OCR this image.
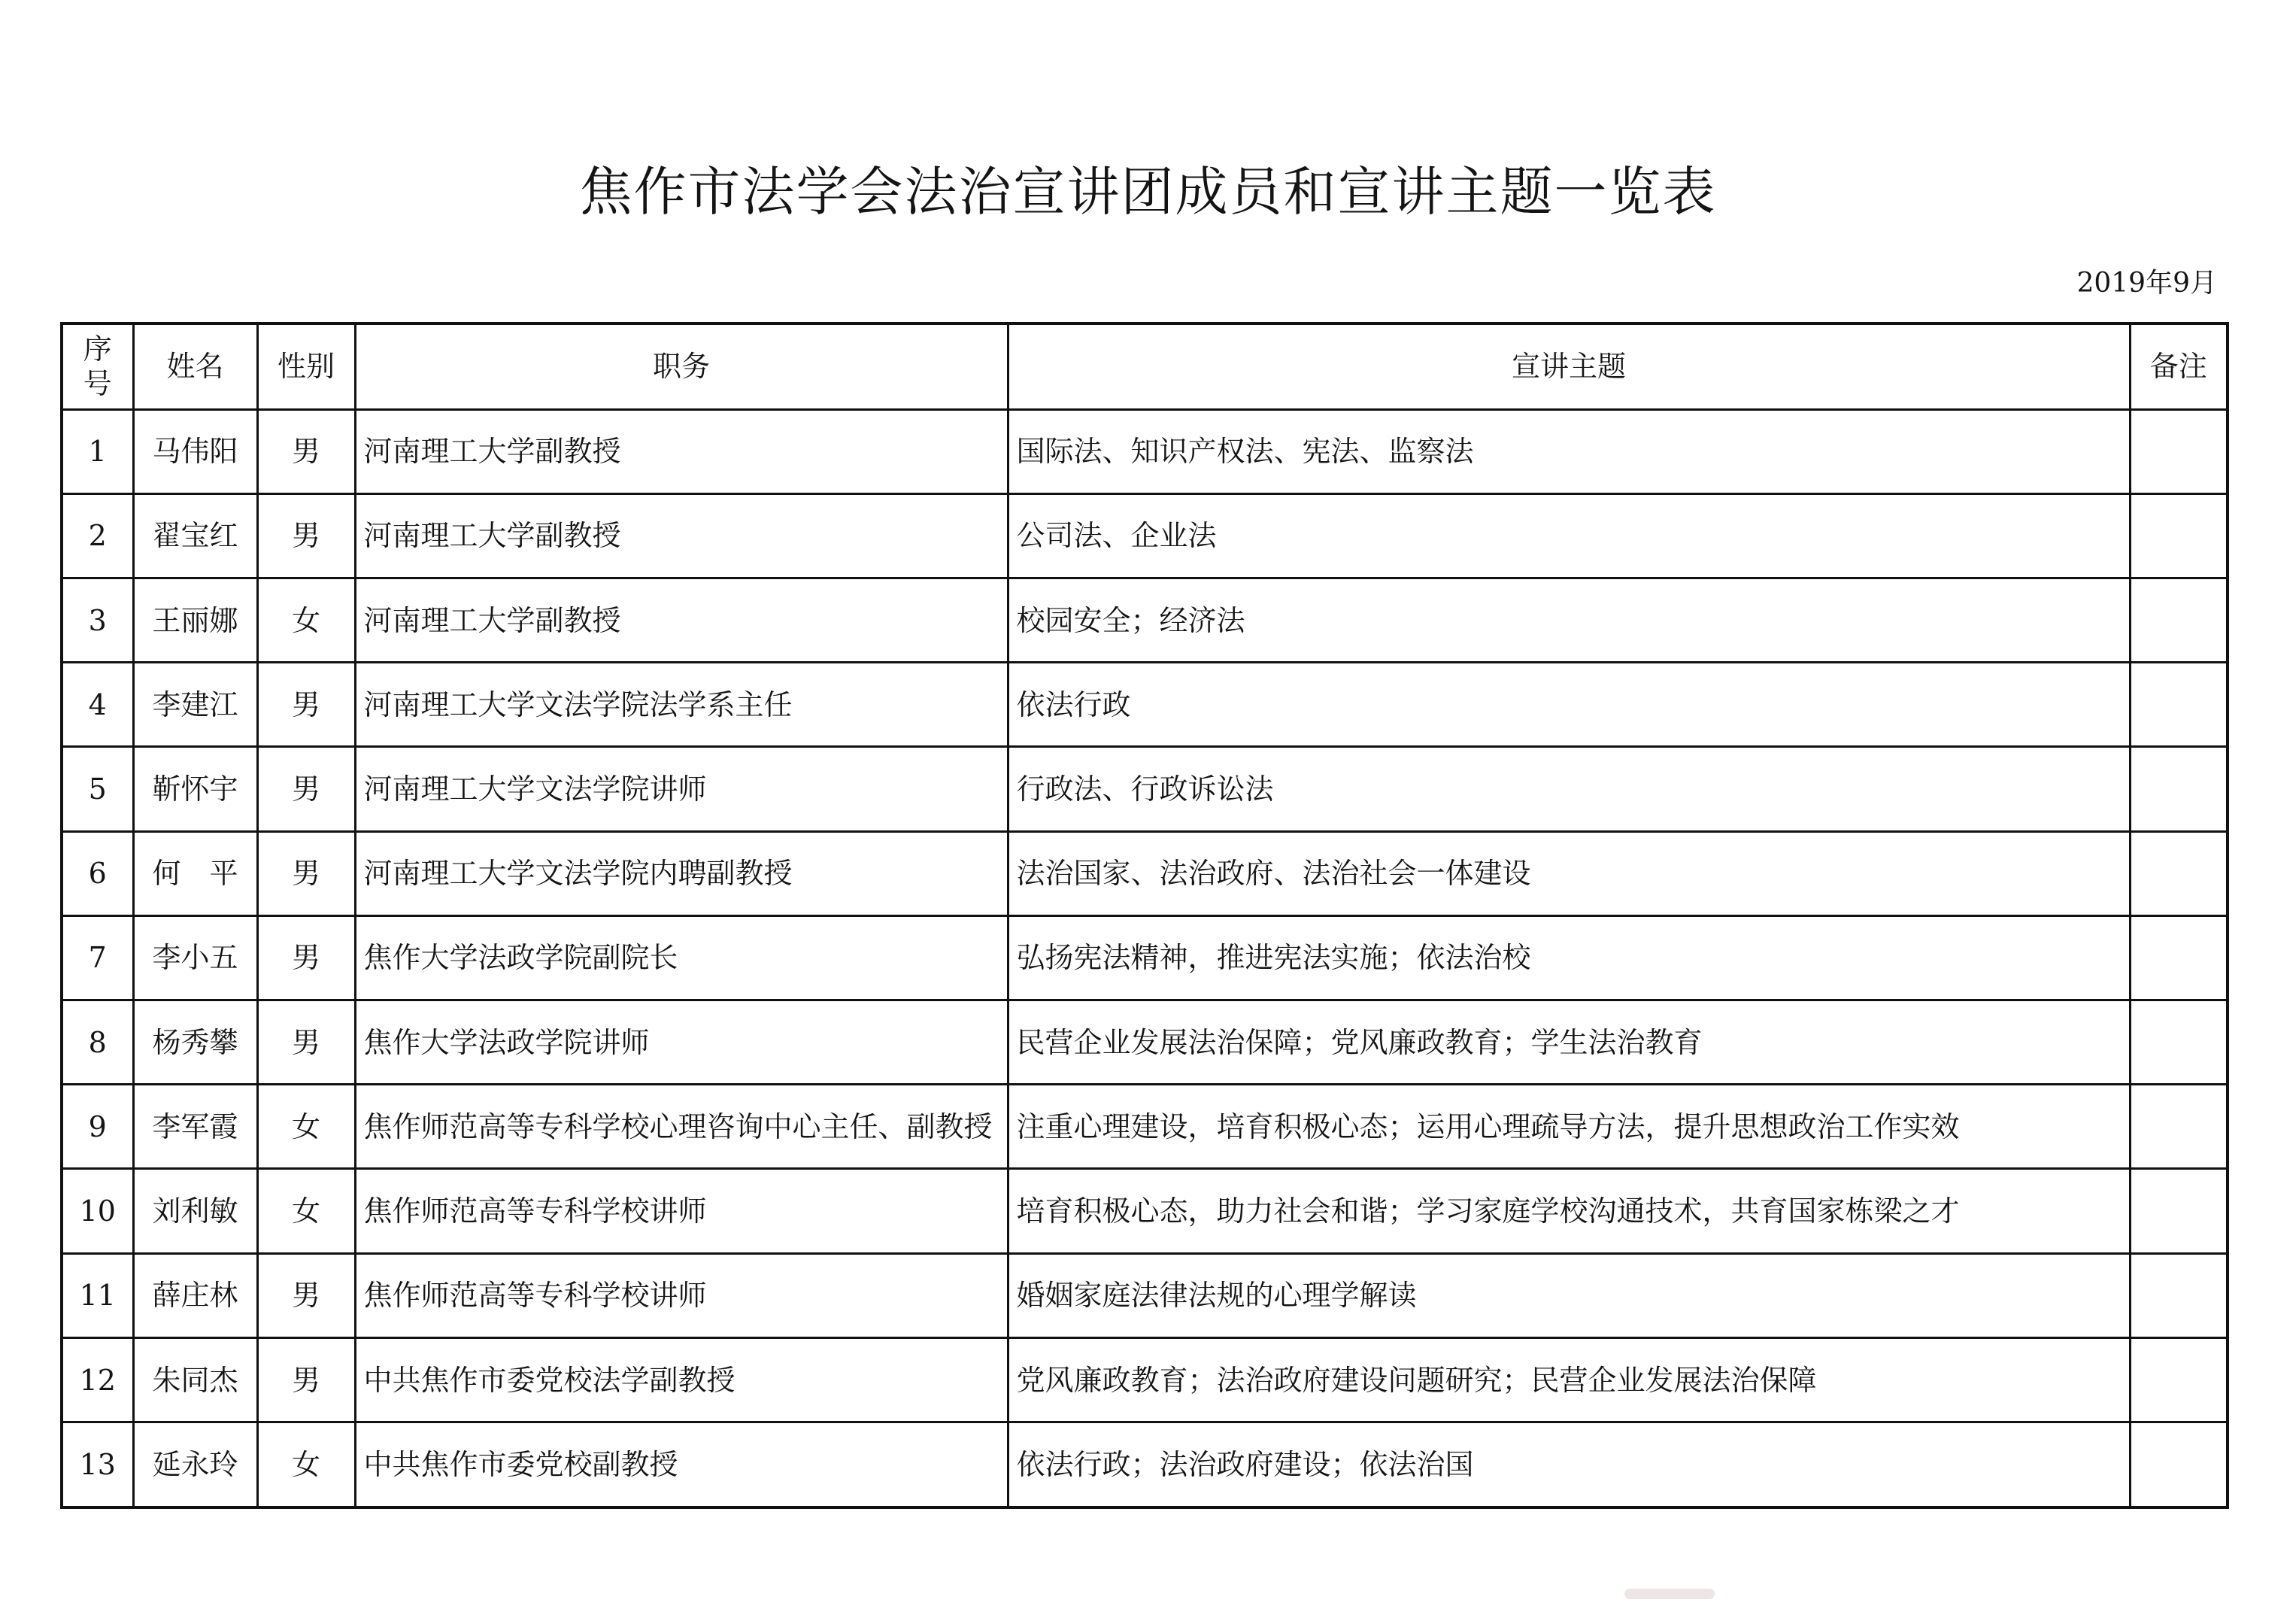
焦作市法学会法治宣讲团成员和宣讲主题一览表
2019年9月
序号	姓名	性别	职务	宣讲主题	备注
1	马伟阳	男	河南理工大学副教授	国际法、知识产权法、宪法、监察法	
2	翟宝红	男	河南理工大学副教授	公司法、企业法	
3	王丽娜	女	河南理工大学副教授	校园安全；经济法	
4	李建江	男	河南理工大学文法学院法学系主任	依法行政	
5	靳怀宇	男	河南理工大学文法学院讲师	行政法、行政诉讼法	
6	何　平	男	河南理工大学文法学院内聘副教授	法治国家、法治政府、法治社会一体建设	
7	李小五	男	焦作大学法政学院副院长	弘扬宪法精神，推进宪法实施；依法治校	
8	杨秀攀	男	焦作大学法政学院讲师	民营企业发展法治保障；党风廉政教育；学生法治教育	
9	李军霞	女	焦作师范高等专科学校心理咨询中心主任、副教授	注重心理建设，培育积极心态；运用心理疏导方法，提升思想政治工作实效	
10	刘利敏	女	焦作师范高等专科学校讲师	培育积极心态，助力社会和谐；学习家庭学校沟通技术，共育国家栋梁之才	
11	薛庄林	男	焦作师范高等专科学校讲师	婚姻家庭法律法规的心理学解读	
12	朱同杰	男	中共焦作市委党校法学副教授	党风廉政教育；法治政府建设问题研究；民营企业发展法治保障	
13	延永玲	女	中共焦作市委党校副教授	依法行政；法治政府建设；依法治国	
